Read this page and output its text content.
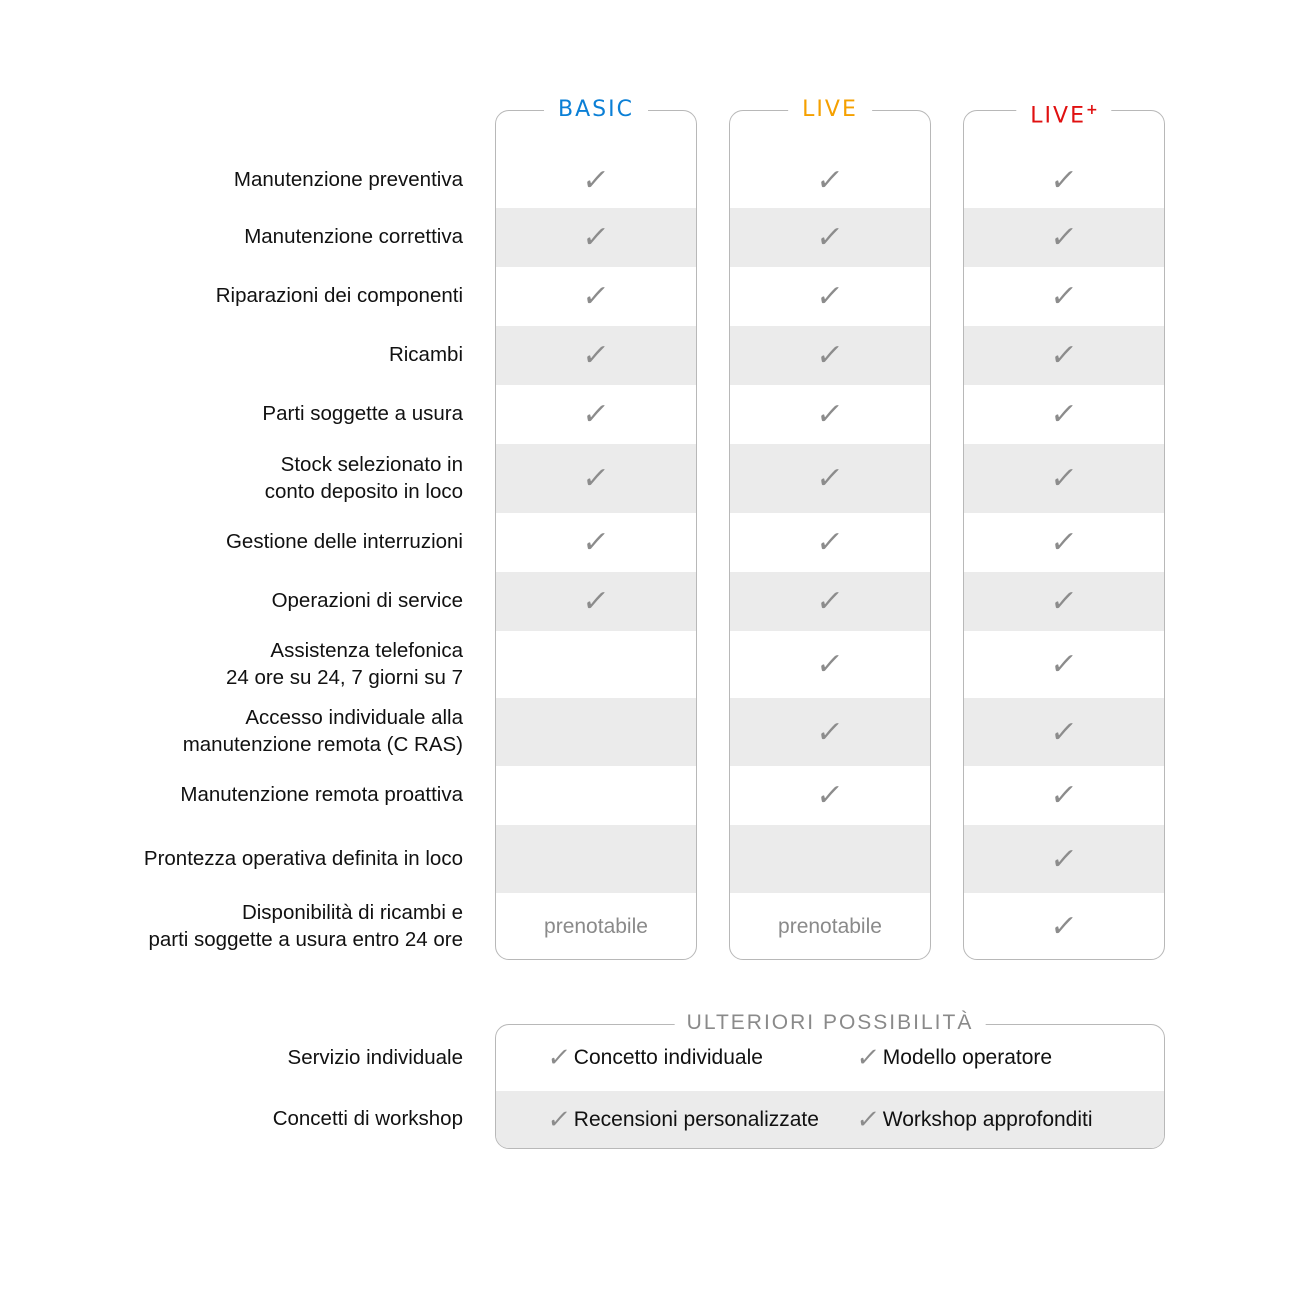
✓
✓
✓
✓
✓
✓
✓
✓
prenotabile
BASIC
✓
✓
✓
✓
✓
✓
✓
✓
✓
✓
✓
prenotabile
LIVE
✓
✓
✓
✓
✓
✓
✓
✓
✓
✓
✓
✓
✓
LIVE+
Manutenzione preventiva
Manutenzione correttiva
Riparazioni dei componenti
Ricambi
Parti soggette a usura
Stock selezionato in
conto deposito in loco
Gestione delle interruzioni
Operazioni di service
Assistenza telefonica
24 ore su 24, 7 giorni su 7
Accesso individuale alla
manutenzione remota (C RAS)
Manutenzione remota proattiva
Prontezza operativa definita in loco
Disponibilità di ricambi e
parti soggette a usura entro 24 ore
ULTERIORI POSSIBILITÀ
✓ Concetto individuale	✓ Modello operatore
✓ Recensioni personalizzate ✓ Workshop approfonditi
Servizio individuale
Concetti di workshop
